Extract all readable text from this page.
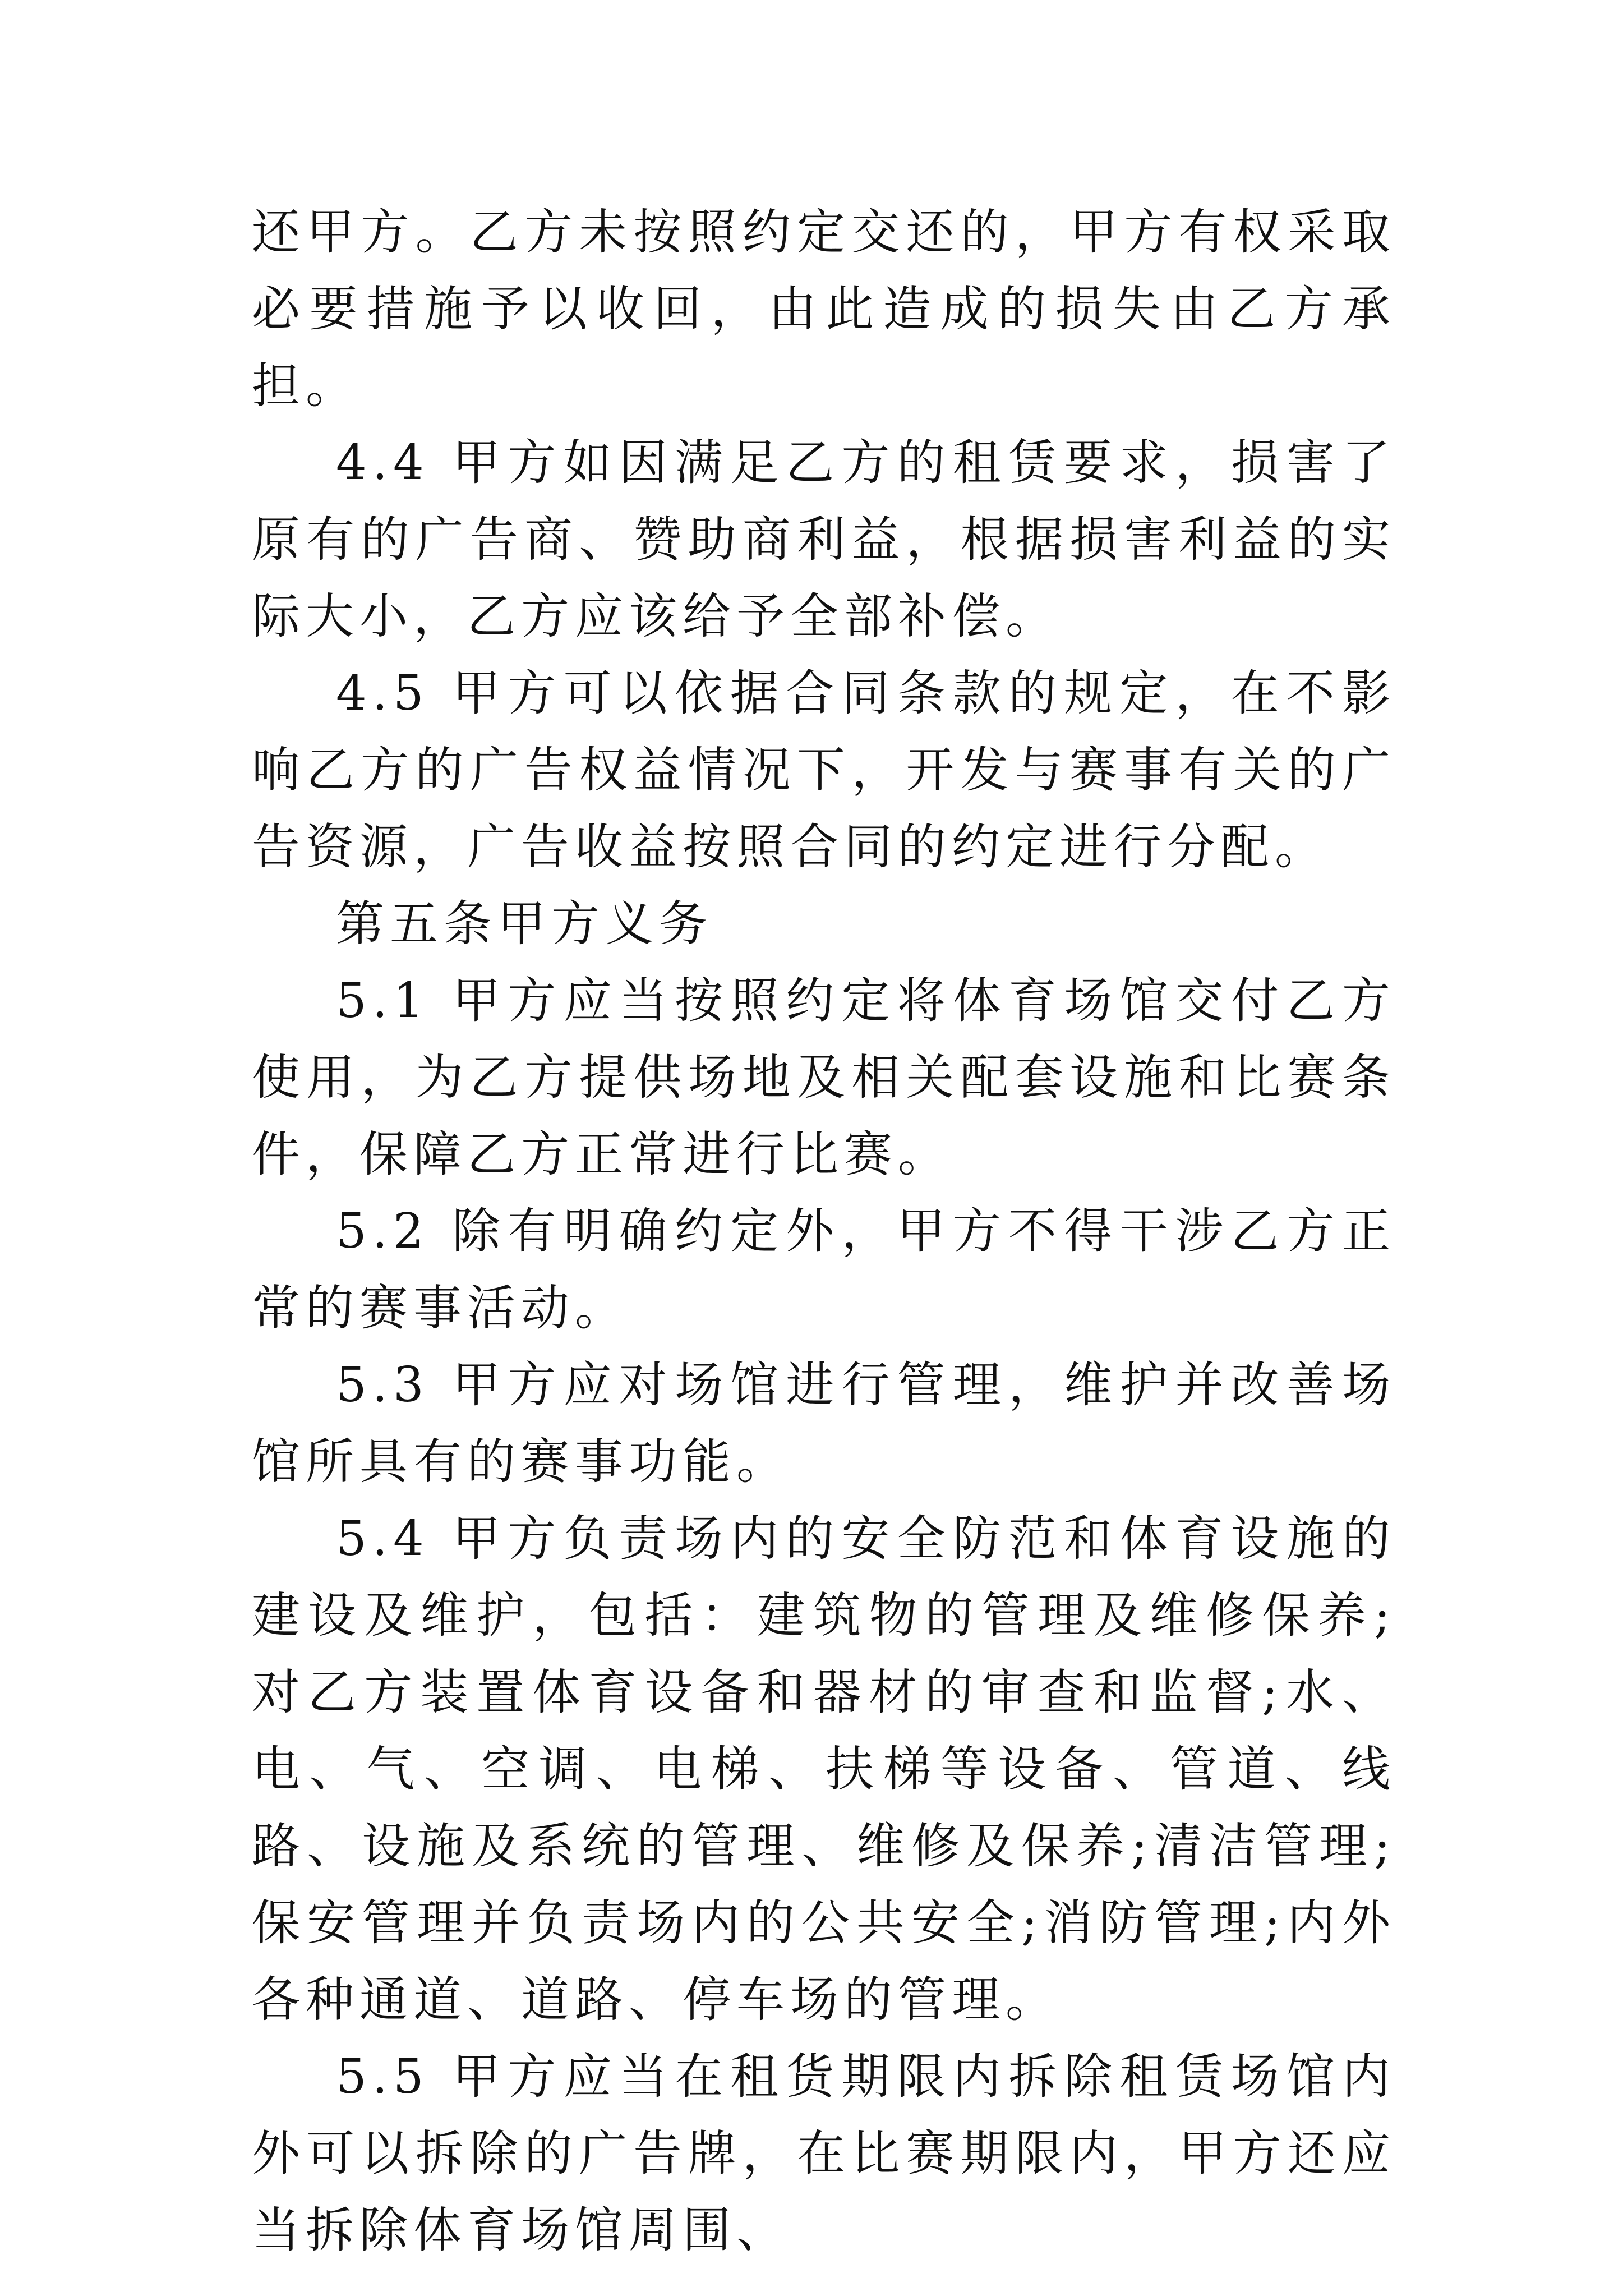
还甲方。乙方未按照约定交还的，甲方有权采取必要措施予以收回，由此造成的损失由乙方承担。

4.4 甲方如因满足乙方的租赁要求，损害了原有的广告商、赞助商利益，根据损害利益的实际大小，乙方应该给予全部补偿。

4.5 甲方可以依据合同条款的规定，在不影响乙方的广告权益情况下，开发与赛事有关的广告资源，广告收益按照合同的约定进行分配。

第五条甲方义务

5.1 甲方应当按照约定将体育场馆交付乙方使用，为乙方提供场地及相关配套设施和比赛条件，保障乙方正常进行比赛。

5.2 除有明确约定外，甲方不得干涉乙方正常的赛事活动。

5.3 甲方应对场馆进行管理，维护并改善场馆所具有的赛事功能。

5.4 甲方负责场内的安全防范和体育设施的建设及维护，包括：建筑物的管理及维修保养;对乙方装置体育设备和器材的审查和监督;水、电、气、空调、电梯、扶梯等设备、管道、线路、设施及系统的管理、维修及保养;清洁管理;保安管理并负责场内的公共安全;消防管理;内外各种通道、道路、停车场的管理。

5.5 甲方应当在租货期限内拆除租赁场馆内外可以拆除的广告牌，在比赛期限内，甲方还应当拆除体育场馆周围、
